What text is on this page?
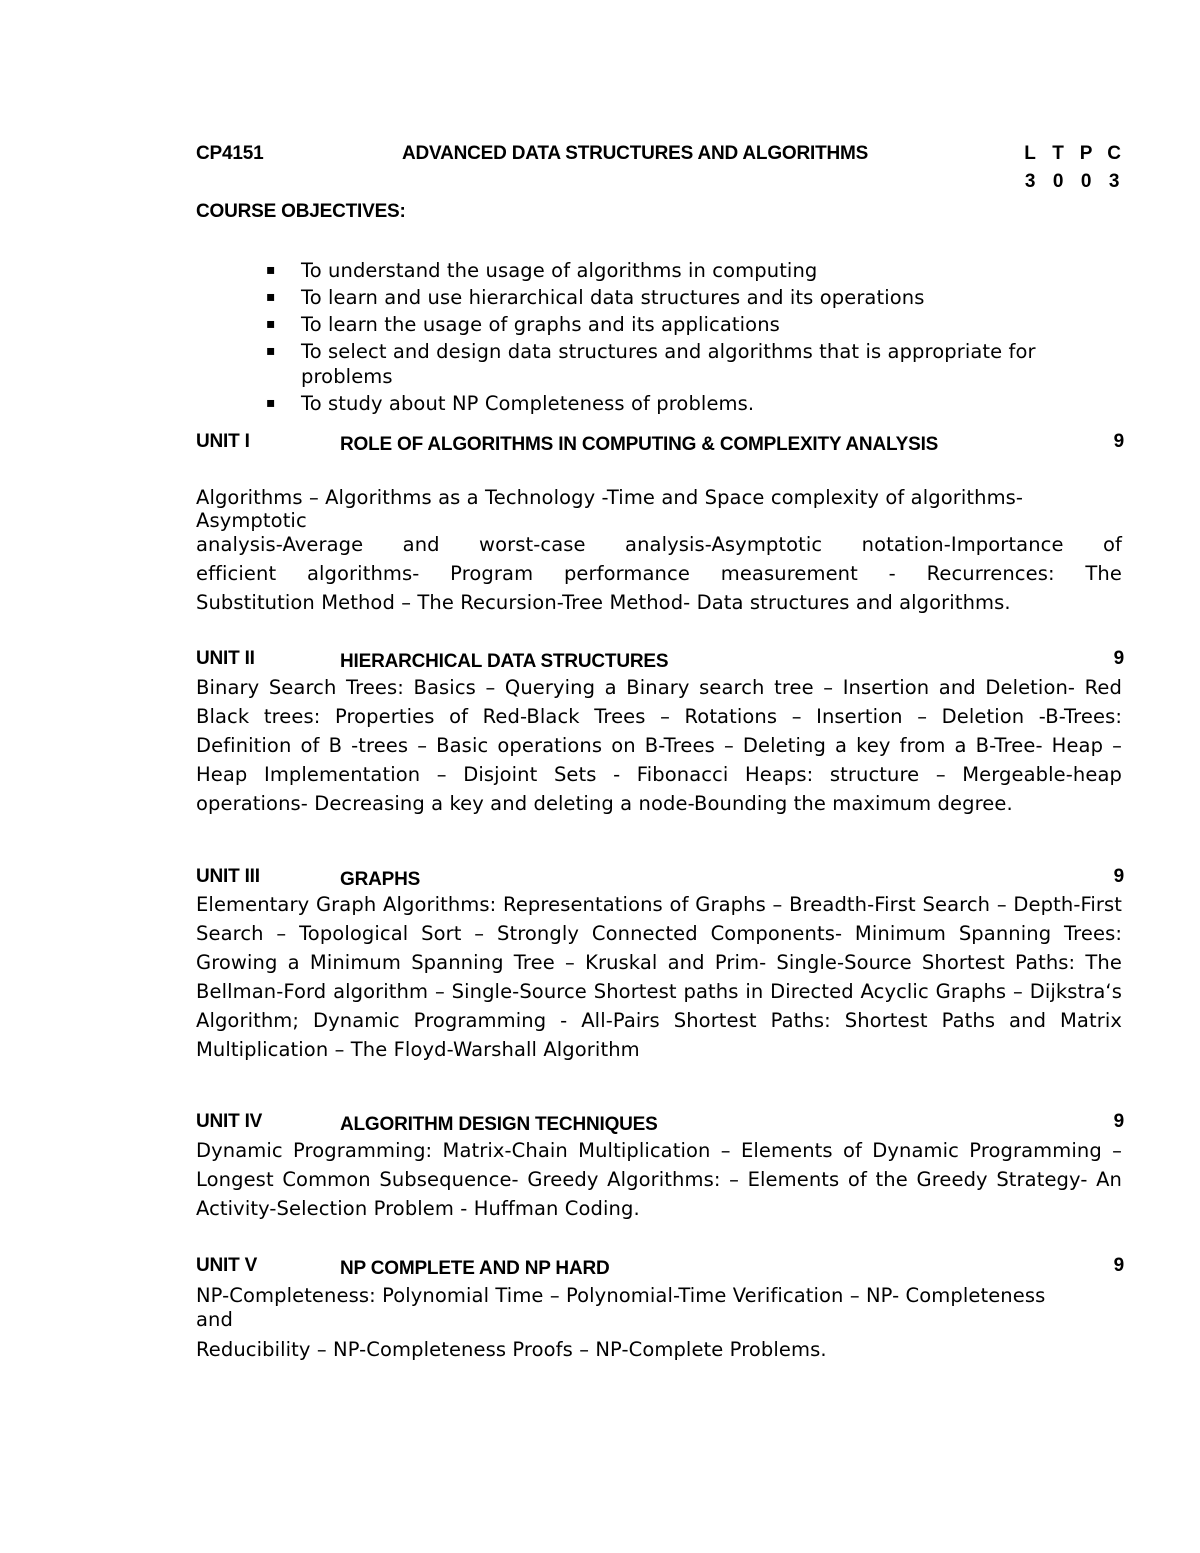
CP4151	ADVANCED DATA STRUCTURES AND ALGORITHMS	L T P C
3 0 0 3
COURSE OBJECTIVES:
▪ To understand the usage of algorithms in computing
▪ To learn and use hierarchical data structures and its operations
▪ To learn the usage of graphs and its applications
▪ To select and design data structures and algorithms that is appropriate for problems
▪ To study about NP Completeness of problems.
UNIT I	ROLE OF ALGORITHMS IN COMPUTING & COMPLEXITY ANALYSIS	9
Algorithms – Algorithms as a Technology -Time and Space complexity of algorithms-
Asymptotic
analysis-Average and worst-case analysis-Asymptotic notation-Importance of
efficient algorithms- Program performance measurement - Recurrences: The
Substitution Method – The Recursion-Tree Method- Data structures and algorithms.
UNIT II	HIERARCHICAL DATA STRUCTURES	9
Binary Search Trees: Basics – Querying a Binary search tree – Insertion and Deletion- Red Black trees: Properties of Red-Black Trees – Rotations – Insertion – Deletion -B-Trees: Definition of B -trees – Basic operations on B-Trees – Deleting a key from a B-Tree- Heap – Heap Implementation – Disjoint Sets - Fibonacci Heaps: structure – Mergeable-heap operations- Decreasing a key and deleting a node-Bounding the maximum degree.
UNIT III	GRAPHS	9
Elementary Graph Algorithms: Representations of Graphs – Breadth-First Search – Depth-First Search – Topological Sort – Strongly Connected Components- Minimum Spanning Trees: Growing a Minimum Spanning Tree – Kruskal and Prim- Single-Source Shortest Paths: The Bellman-Ford algorithm – Single-Source Shortest paths in Directed Acyclic Graphs – Dijkstra‘s Algorithm; Dynamic Programming - All-Pairs Shortest Paths: Shortest Paths and Matrix Multiplication – The Floyd-Warshall Algorithm
UNIT IV	ALGORITHM DESIGN TECHNIQUES	9
Dynamic Programming: Matrix-Chain Multiplication – Elements of Dynamic Programming – Longest Common Subsequence- Greedy Algorithms: – Elements of the Greedy Strategy- An Activity-Selection Problem - Huffman Coding.
UNIT V	NP COMPLETE AND NP HARD	9
NP-Completeness: Polynomial Time – Polynomial-Time Verification – NP- Completeness
and
Reducibility – NP-Completeness Proofs – NP-Complete Problems.
